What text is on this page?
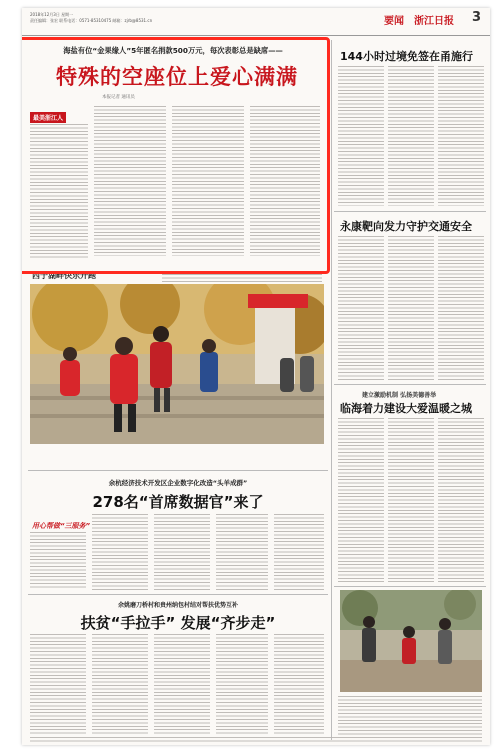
2018年12月3日 星期一
责任编辑：张宏 联系电话：0571-85310475 邮箱：zjrb@8531.cn	要闻 浙江日报 3
海盐有位“金果缘人”5年匿名捐款500万元，每次表彰总是缺席——
特殊的空座位上爱心满满
本报记者 通讯员
最美浙江人
144小时过境免签在甬施行
永康靶向发力守护交通安全
建立激励机制 弘扬美德善举
临海着力建设大爱温暖之城
西子湖畔快乐开跑
余杭经济技术开发区企业数字化改造“头羊成群”
278名“首席数据官”来了
用心帮做“三服务”
余姚磨刀桥村和贵州纳包村结对帮扶优势互补
扶贫“手拉手” 发展“齐步走”
